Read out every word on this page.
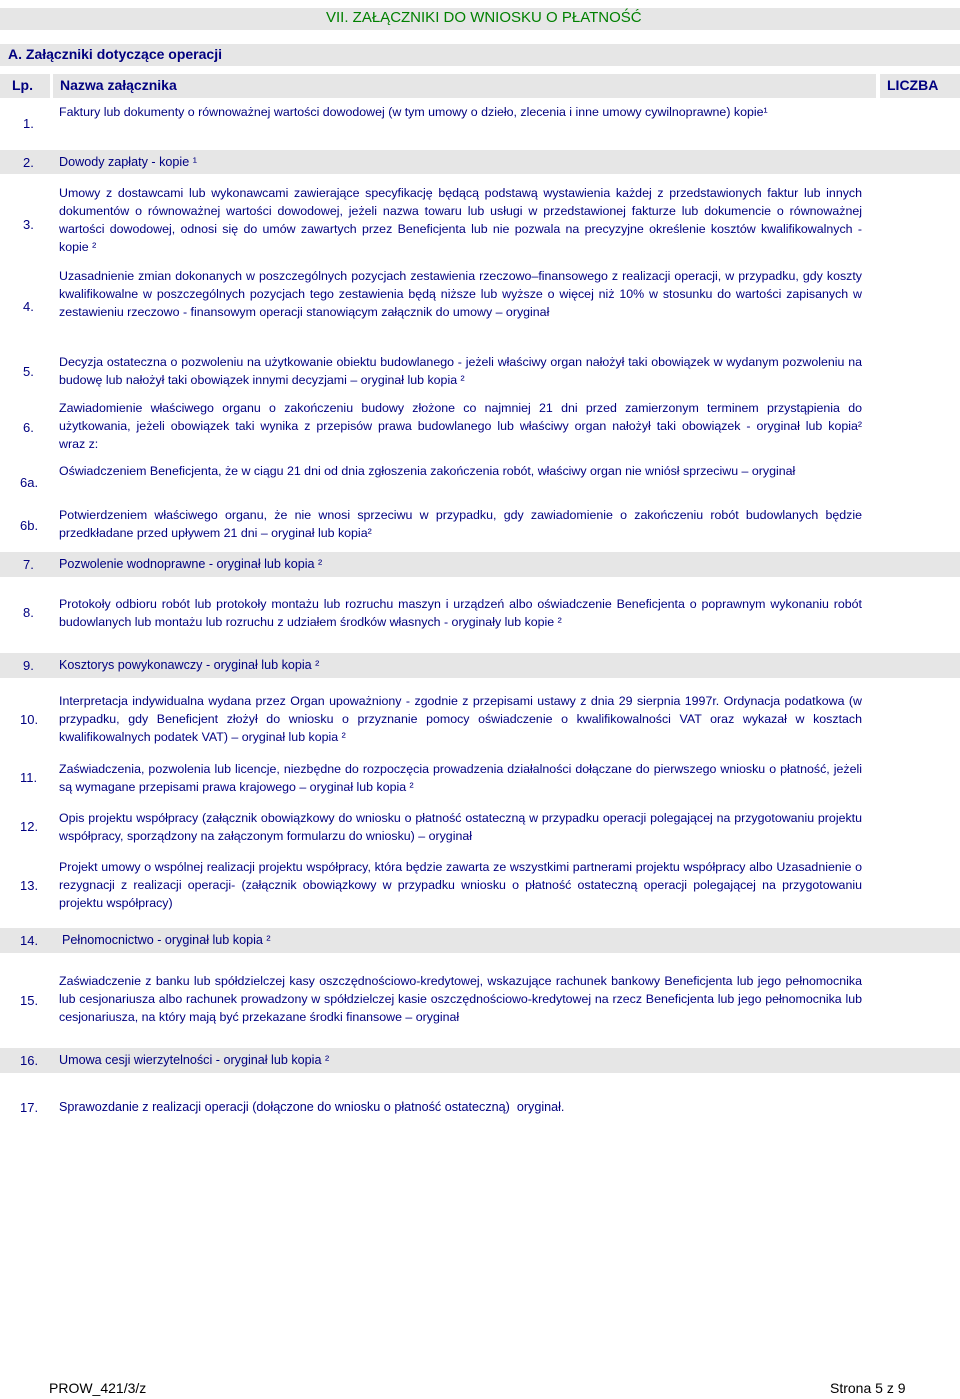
VII. ZAŁĄCZNIKI DO WNIOSKU O PŁATNOŚĆ
A. Załączniki dotyczące operacji
Lp. Nazwa załącznika	LICZBA
1.
Faktury lub dokumenty o równoważnej wartości dowodowej (w tym umowy o dzieło, zlecenia i inne umowy cywilnoprawne) kopie¹
2. Dowody zapłaty - kopie ¹
3.
Umowy z dostawcami lub wykonawcami zawierające specyfikację będącą podstawą wystawienia każdej z przedstawionych faktur lub innych dokumentów o równoważnej wartości dowodowej, jeżeli nazwa towaru lub usługi w przedstawionej fakturze lub dokumencie o równoważnej wartości dowodowej, odnosi się do umów zawartych przez Beneficjenta lub nie pozwala na precyzyjne określenie kosztów kwalifikowalnych - kopie ²
4.
Uzasadnienie zmian dokonanych w poszczególnych pozycjach zestawienia rzeczowo–finansowego z realizacji operacji, w przypadku, gdy koszty kwalifikowalne w poszczególnych pozycjach tego zestawienia będą niższe lub wyższe o więcej niż 10% w stosunku do wartości zapisanych w zestawieniu rzeczowo - finansowym operacji stanowiącym załącznik do umowy – oryginał
5.
Decyzja ostateczna o pozwoleniu na użytkowanie obiektu budowlanego - jeżeli właściwy organ nałożył taki obowiązek w wydanym pozwoleniu na budowę lub nałożył taki obowiązek innymi decyzjami – oryginał lub kopia ²
6.
Zawiadomienie właściwego organu o zakończeniu budowy złożone co najmniej 21 dni przed zamierzonym terminem przystąpienia do użytkowania, jeżeli obowiązek taki wynika z przepisów prawa budowlanego lub właściwy organ nałożył taki obowiązek - oryginał lub kopia²        wraz z:
6a.
Oświadczeniem Beneficjenta, że w ciągu 21 dni od dnia zgłoszenia zakończenia robót, właściwy organ nie wniósł sprzeciwu – oryginał
6b.
Potwierdzeniem właściwego organu, że nie wnosi sprzeciwu w przypadku, gdy zawiadomienie o zakończeniu robót budowlanych będzie przedkładane przed upływem 21 dni – oryginał lub kopia²
7. Pozwolenie wodnoprawne - oryginał lub kopia ²
8.
Protokoły odbioru robót lub protokoły montażu lub rozruchu maszyn i urządzeń albo oświadczenie Beneficjenta o poprawnym wykonaniu robót budowlanych lub montażu lub rozruchu z udziałem środków własnych - oryginały lub kopie ²
9. Kosztorys powykonawczy - oryginał lub kopia ²
10.
Interpretacja indywidualna wydana przez Organ upoważniony - zgodnie z przepisami ustawy z dnia 29 sierpnia 1997r. Ordynacja podatkowa (w przypadku, gdy Beneficjent złożył do wniosku o przyznanie pomocy oświadczenie o kwalifikowalności VAT oraz wykazał w kosztach kwalifikowalnych podatek VAT) – oryginał lub kopia ²
11.
Zaświadczenia, pozwolenia lub licencje, niezbędne do rozpoczęcia prowadzenia działalności dołączane do pierwszego wniosku o płatność, jeżeli są wymagane przepisami prawa krajowego – oryginał lub kopia ²
12.
Opis projektu współpracy (załącznik obowiązkowy do wniosku o płatność ostateczną w przypadku operacji polegającej na przygotowaniu projektu współpracy, sporządzony na załączonym formularzu do wniosku) – oryginał
13.
Projekt umowy o wspólnej realizacji projektu współpracy, która będzie zawarta ze wszystkimi partnerami projektu współpracy albo Uzasadnienie o rezygnacji z realizacji operacji- (załącznik obowiązkowy w przypadku wniosku o płatność ostateczną operacji polegającej na przygotowaniu projektu współpracy)
14. Pełnomocnictwo - oryginał lub kopia ²
15.
Zaświadczenie z banku lub spółdzielczej kasy oszczędnościowo-kredytowej, wskazujące rachunek bankowy Beneficjenta lub jego pełnomocnika lub cesjonariusza albo rachunek prowadzony w spółdzielczej kasie oszczędnościowo-kredytowej na rzecz Beneficjenta lub jego pełnomocnika lub cesjonariusza, na który mają być przekazane środki finansowe – oryginał
16. Umowa cesji wierzytelności - oryginał lub kopia ²
17. Sprawozdanie z realizacji operacji (dołączone do wniosku o płatność ostateczną)  oryginał.
PROW_421/3/z	Strona 5 z 9
